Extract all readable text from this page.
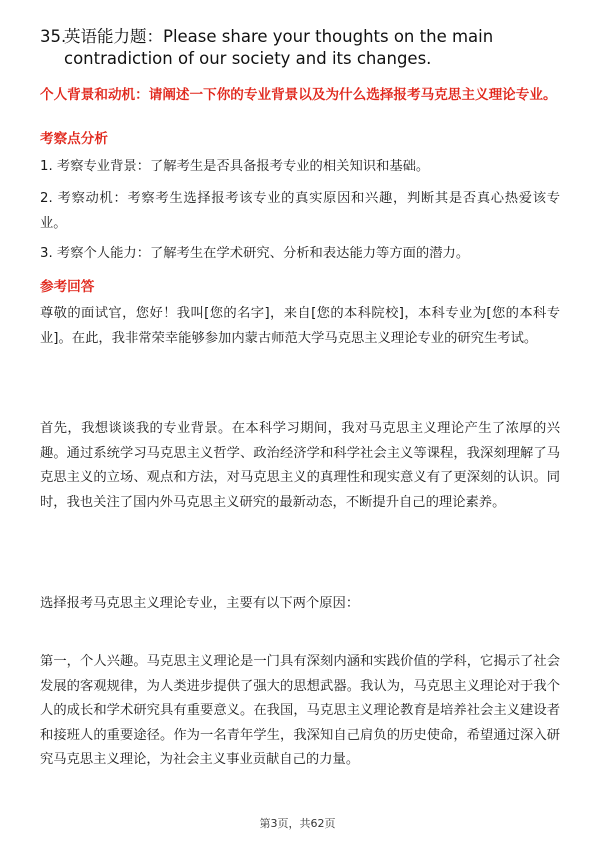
35.英语能力题：Please share your thoughts on the main
contradiction of our society and its changes.
个人背景和动机：请阐述一下你的专业背景以及为什么选择报考马克思主义理论专业。
考察点分析
1. 考察专业背景：了解考生是否具备报考专业的相关知识和基础。
2. 考察动机：考察考生选择报考该专业的真实原因和兴趣，判断其是否真心热爱该专业。
3. 考察个人能力：了解考生在学术研究、分析和表达能力等方面的潜力。
参考回答
尊敬的面试官，您好！我叫[您的名字]，来自[您的本科院校]，本科专业为[您的本科专业]。在此，我非常荣幸能够参加内蒙古师范大学马克思主义理论专业的研究生考试。
首先，我想谈谈我的专业背景。在本科学习期间，我对马克思主义理论产生了浓厚的兴趣。通过系统学习马克思主义哲学、政治经济学和科学社会主义等课程，我深刻理解了马克思主义的立场、观点和方法，对马克思主义的真理性和现实意义有了更深刻的认识。同时，我也关注了国内外马克思主义研究的最新动态，不断提升自己的理论素养。
选择报考马克思主义理论专业，主要有以下两个原因：
第一，个人兴趣。马克思主义理论是一门具有深刻内涵和实践价值的学科，它揭示了社会发展的客观规律，为人类进步提供了强大的思想武器。我认为，马克思主义理论对于我个人的成长和学术研究具有重要意义。在我国，马克思主义理论教育是培养社会主义建设者和接班人的重要途径。作为一名青年学生，我深知自己肩负的历史使命，希望通过深入研究马克思主义理论，为社会主义事业贡献自己的力量。
第3页，共62页
